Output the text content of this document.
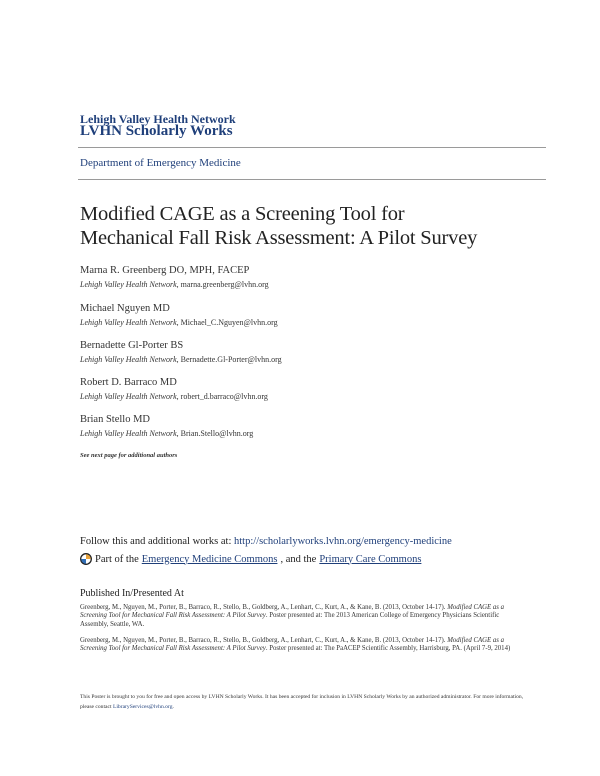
Lehigh Valley Health Network
LVHN Scholarly Works
Department of Emergency Medicine
Modified CAGE as a Screening Tool for
Mechanical Fall Risk Assessment: A Pilot Survey
Marna R. Greenberg DO, MPH, FACEP
Lehigh Valley Health Network, marna.greenberg@lvhn.org
Michael Nguyen MD
Lehigh Valley Health Network, Michael_C.Nguyen@lvhn.org
Bernadette Gl-Porter BS
Lehigh Valley Health Network, Bernadette.Gl-Porter@lvhn.org
Robert D. Barraco MD
Lehigh Valley Health Network, robert_d.barraco@lvhn.org
Brian Stello MD
Lehigh Valley Health Network, Brian.Stello@lvhn.org
See next page for additional authors
Follow this and additional works at: http://scholarlyworks.lvhn.org/emergency-medicine
Part of the Emergency Medicine Commons , and the Primary Care Commons
Published In/Presented At
Greenberg, M., Nguyen, M., Porter, B., Barraco, R., Stello, B., Goldberg, A., Lenhart, C., Kurt, A., & Kane, B. (2013, October 14-17). Modified CAGE as a Screening Tool for Mechanical Fall Risk Assessment: A Pilot Survey. Poster presented at: The 2013 American College of Emergency Physicians Scientific Assembly, Seattle, WA.
Greenberg, M., Nguyen, M., Porter, B., Barraco, R., Stello, B., Goldberg, A., Lenhart, C., Kurt, A., & Kane, B. (2013, October 14-17). Modified CAGE as a Screening Tool for Mechanical Fall Risk Assessment: A Pilot Survey. Poster presented at: The PaACEP Scientific Assembly, Harrisburg, PA. (April 7-9, 2014)
This Poster is brought to you for free and open access by LVHN Scholarly Works. It has been accepted for inclusion in LVHN Scholarly Works by an authorized administrator. For more information, please contact LibraryServices@lvhn.org.
